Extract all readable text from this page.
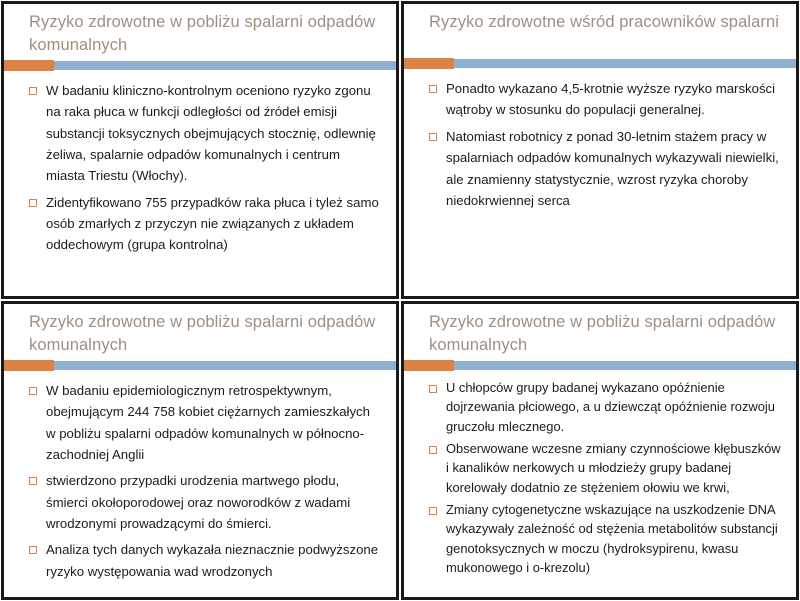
Ryzyko zdrowotne w pobliżu spalarni odpadów komunalnych
W badaniu kliniczno-kontrolnym oceniono ryzyko zgonu na raka płuca w funkcji odległości od źródeł emisji substancji toksycznych obejmujących stocznię, odlewnię żeliwa, spalarnie odpadów komunalnych i centrum miasta Triestu (Włochy).
Zidentyfikowano 755 przypadków raka płuca i tyleż samo osób zmarłych z przyczyn nie związanych z układem oddechowym (grupa kontrolna)
Ryzyko zdrowotne wśród pracowników spalarni
Ponadto wykazano 4,5-krotnie wyższe ryzyko marskości wątroby w stosunku do populacji generalnej.
Natomiast robotnicy z ponad 30-letnim stażem pracy w spalarniach odpadów komunalnych wykazywali niewielki, ale znamienny statystycznie, wzrost ryzyka choroby niedokrwiennej serca
Ryzyko zdrowotne w pobliżu spalarni odpadów komunalnych
W badaniu epidemiologicznym retrospektywnym, obejmującym 244 758 kobiet ciężarnych zamieszkałych w pobliżu spalarni odpadów komunalnych w północno-zachodniej Anglii
stwierdzono przypadki urodzenia martwego płodu, śmierci okołoporodowej oraz noworodków z wadami wrodzonymi prowadzącymi do śmierci.
Analiza tych danych wykazała nieznacznie podwyższone ryzyko występowania wad wrodzonych
Ryzyko zdrowotne w pobliżu spalarni odpadów komunalnych
U chłopców grupy badanej wykazano opóźnienie dojrzewania płciowego, a u dziewcząt opóźnienie rozwoju gruczołu mlecznego.
Obserwowane wczesne zmiany czynnościowe kłębuszków i kanalików nerkowych u młodzieży grupy badanej korelowały dodatnio ze stężeniem ołowiu we krwi,
Zmiany cytogenetyczne wskazujące na uszkodzenie DNA wykazywały zależność od stężenia metabolitów substancji genotoksycznych w moczu (hydroksypirenu, kwasu mukonowego i o-krezolu)
